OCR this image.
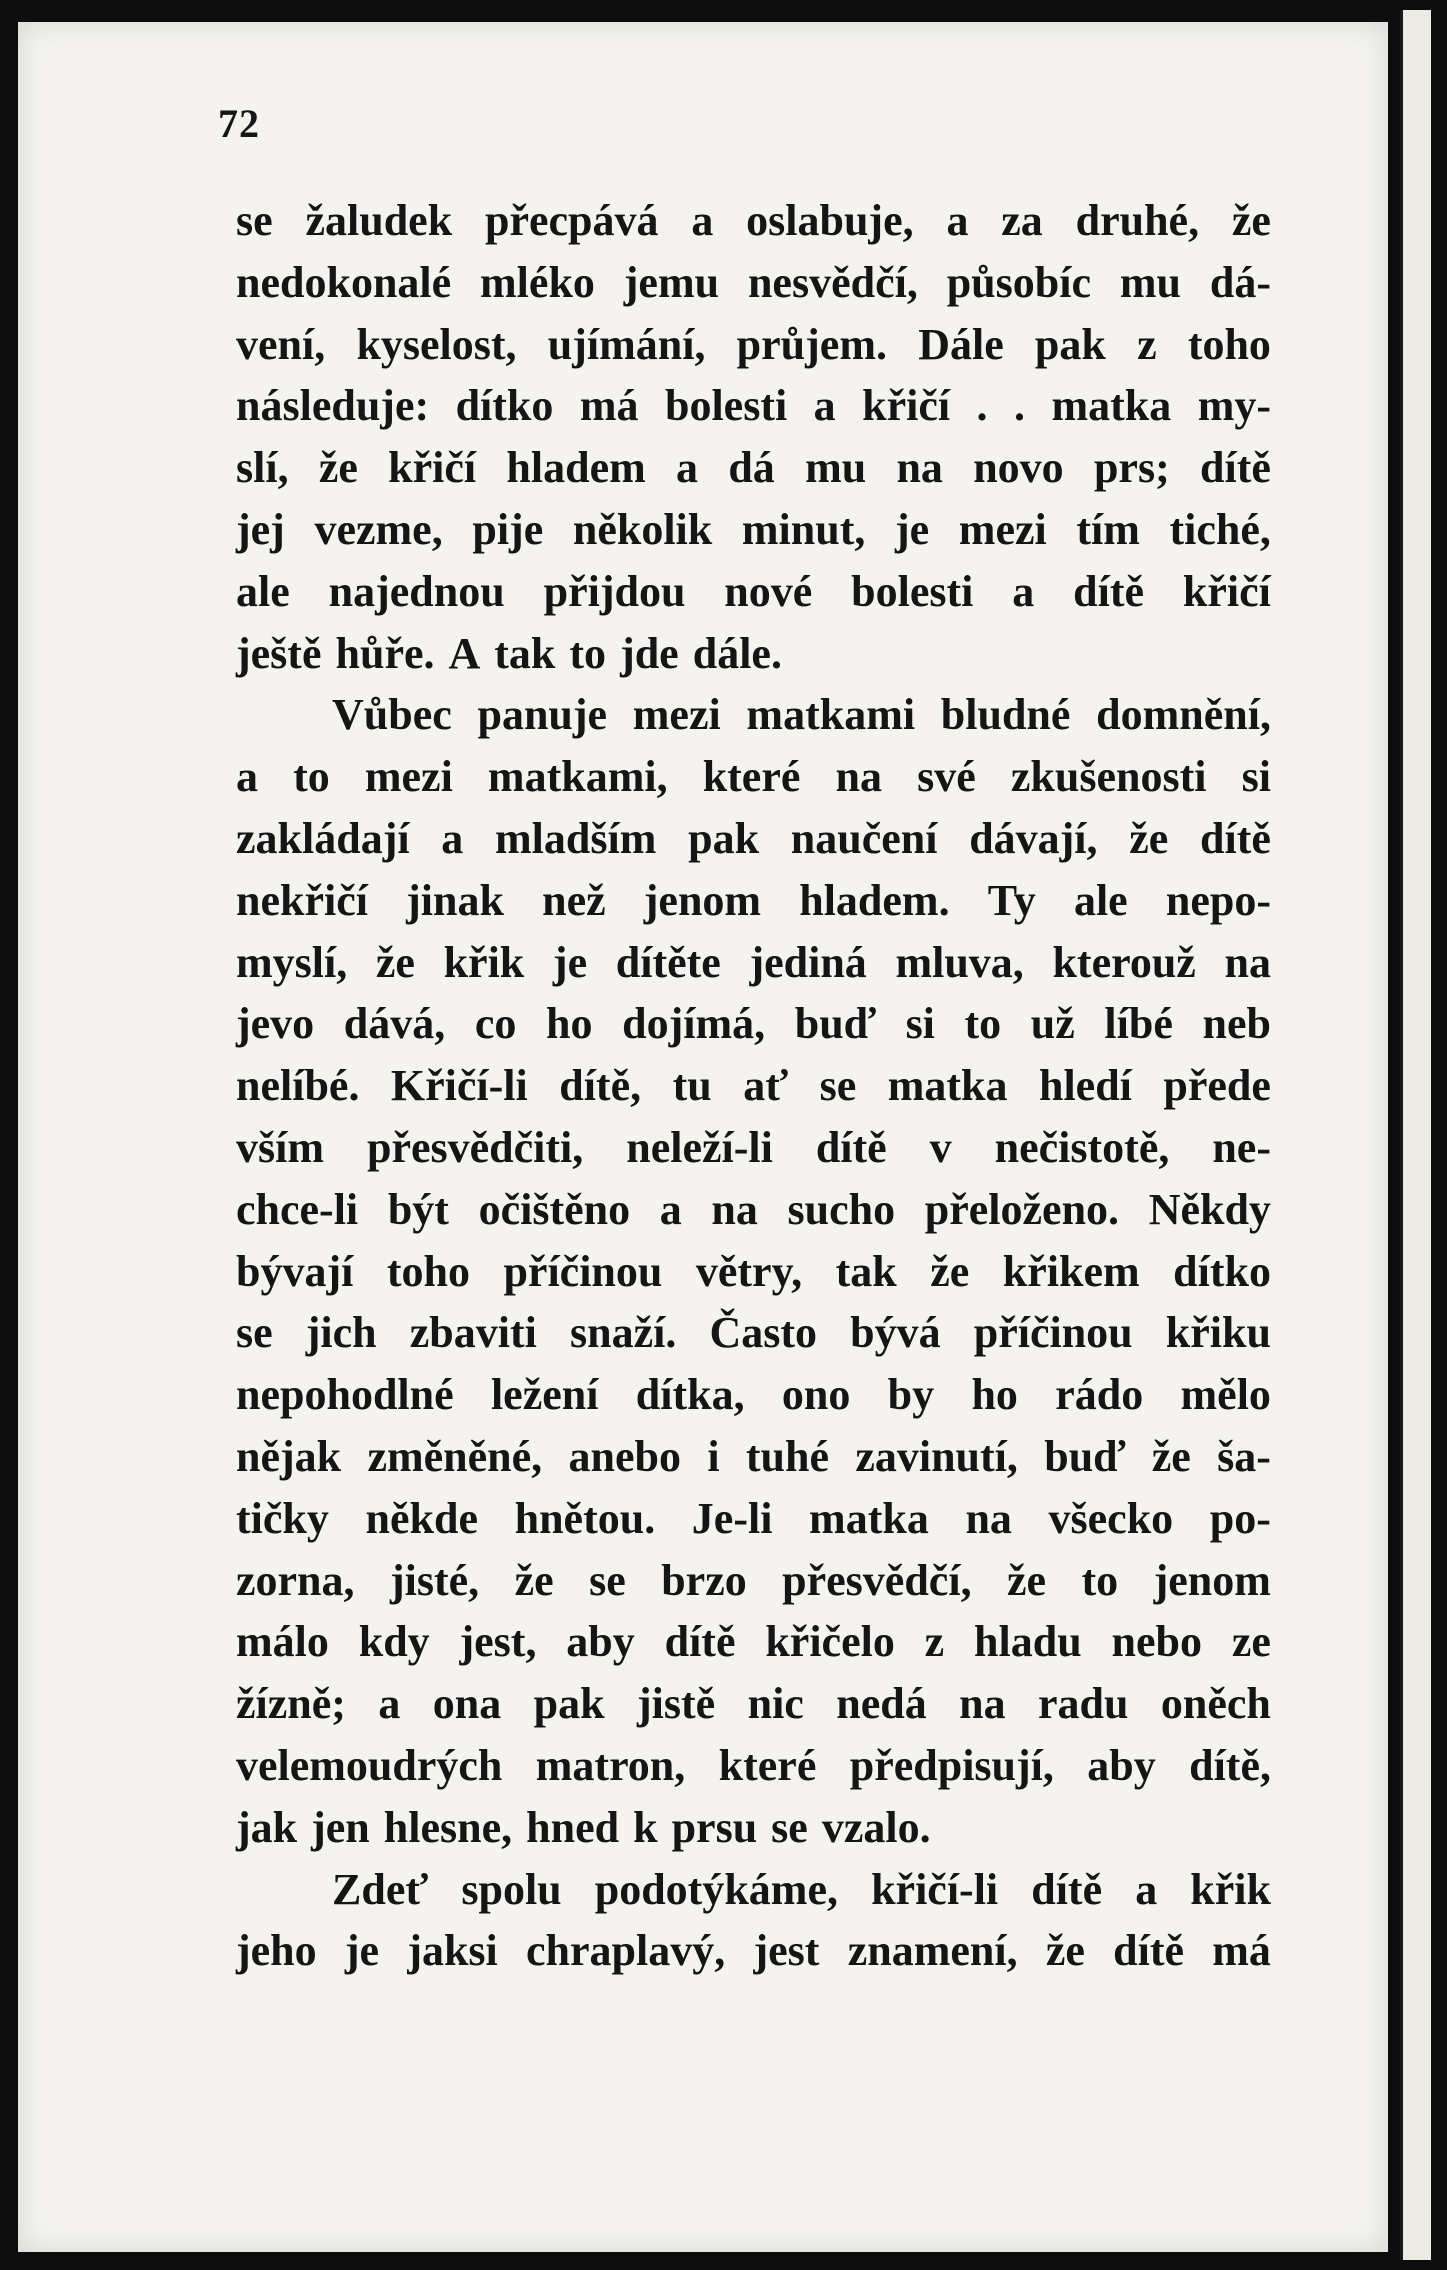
72
se žaludek přecpává a oslabuje, a za druhé, že
nedokonalé mléko jemu nesvědčí, působíc mu dá-
vení, kyselost, ujímání, průjem. Dále pak z toho
následuje: dítko má bolesti a křičí . . matka my-
slí, že křičí hladem a dá mu na novo prs; dítě
jej vezme, pije několik minut, je mezi tím tiché,
ale najednou přijdou nové bolesti a dítě křičí
ještě hůře. A tak to jde dále.
Vůbec panuje mezi matkami bludné domnění,
a to mezi matkami, které na své zkušenosti si
zakládají a mladším pak naučení dávají, že dítě
nekřičí jinak než jenom hladem. Ty ale nepo-
myslí, že křik je dítěte jediná mluva, kterouž na
jevo dává, co ho dojímá, buď si to už líbé neb
nelíbé. Křičí-li dítě, tu ať se matka hledí přede
vším přesvědčiti, neleží-li dítě v nečistotě, ne-
chce-li být očištěno a na sucho přeloženo. Někdy
bývají toho příčinou větry, tak že křikem dítko
se jich zbaviti snaží. Často bývá příčinou křiku
nepohodlné ležení dítka, ono by ho rádo mělo
nějak změněné, anebo i tuhé zavinutí, buď že ša-
tičky někde hnětou. Je-li matka na všecko po-
zorna, jisté, že se brzo přesvědčí, že to jenom
málo kdy jest, aby dítě křičelo z hladu nebo ze
žízně; a ona pak jistě nic nedá na radu oněch
velemoudrých matron, které předpisují, aby dítě,
jak jen hlesne, hned k prsu se vzalo.
Zdeť spolu podotýkáme, křičí-li dítě a křik
jeho je jaksi chraplavý, jest znamení, že dítě má
